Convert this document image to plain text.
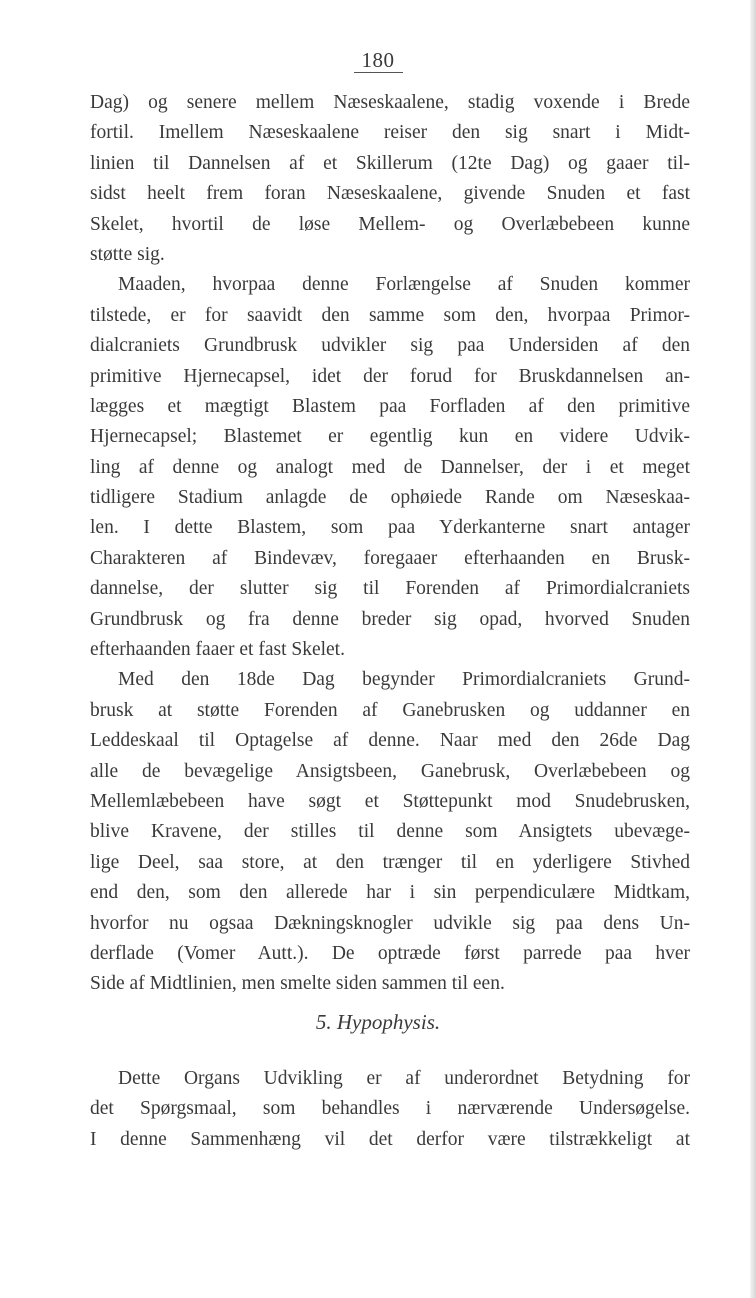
180
Dag) og senere mellem Næseskaalene, stadig voxende i Brede
fortil. Imellem Næseskaalene reiser den sig snart i Midt-
linien til Dannelsen af et Skillerum (12te Dag) og gaaer til-
sidst heelt frem foran Næseskaalene, givende Snuden et fast
Skelet, hvortil de løse Mellem- og Overlæbebeen kunne
støtte sig.
Maaden, hvorpaa denne Forlængelse af Snuden kommer
tilstede, er for saavidt den samme som den, hvorpaa Primor-
dialcraniets Grundbrusk udvikler sig paa Undersiden af den
primitive Hjernecapsel, idet der forud for Bruskdannelsen an-
lægges et mægtigt Blastem paa Forfladen af den primitive
Hjernecapsel; Blastemet er egentlig kun en videre Udvik-
ling af denne og analogt med de Dannelser, der i et meget
tidligere Stadium anlagde de ophøiede Rande om Næseskaa-
len. I dette Blastem, som paa Yderkanterne snart antager
Charakteren af Bindevæv, foregaaer efterhaanden en Brusk-
dannelse, der slutter sig til Forenden af Primordialcraniets
Grundbrusk og fra denne breder sig opad, hvorved Snuden
efterhaanden faaer et fast Skelet.
Med den 18de Dag begynder Primordialcraniets Grund-
brusk at støtte Forenden af Ganebrusken og uddanner en
Leddeskaal til Optagelse af denne. Naar med den 26de Dag
alle de bevægelige Ansigtsbeen, Ganebrusk, Overlæbebeen og
Mellemlæbebeen have søgt et Støttepunkt mod Snudebrusken,
blive Kravene, der stilles til denne som Ansigtets ubevæge-
lige Deel, saa store, at den trænger til en yderligere Stivhed
end den, som den allerede har i sin perpendiculære Midtkam,
hvorfor nu ogsaa Dækningsknogler udvikle sig paa dens Un-
derflade (Vomer Autt.). De optræde først parrede paa hver
Side af Midtlinien, men smelte siden sammen til een.
5. Hypophysis.
Dette Organs Udvikling er af underordnet Betydning for
det Spørgsmaal, som behandles i nærværende Undersøgelse.
I denne Sammenhæng vil det derfor være tilstrækkeligt at
